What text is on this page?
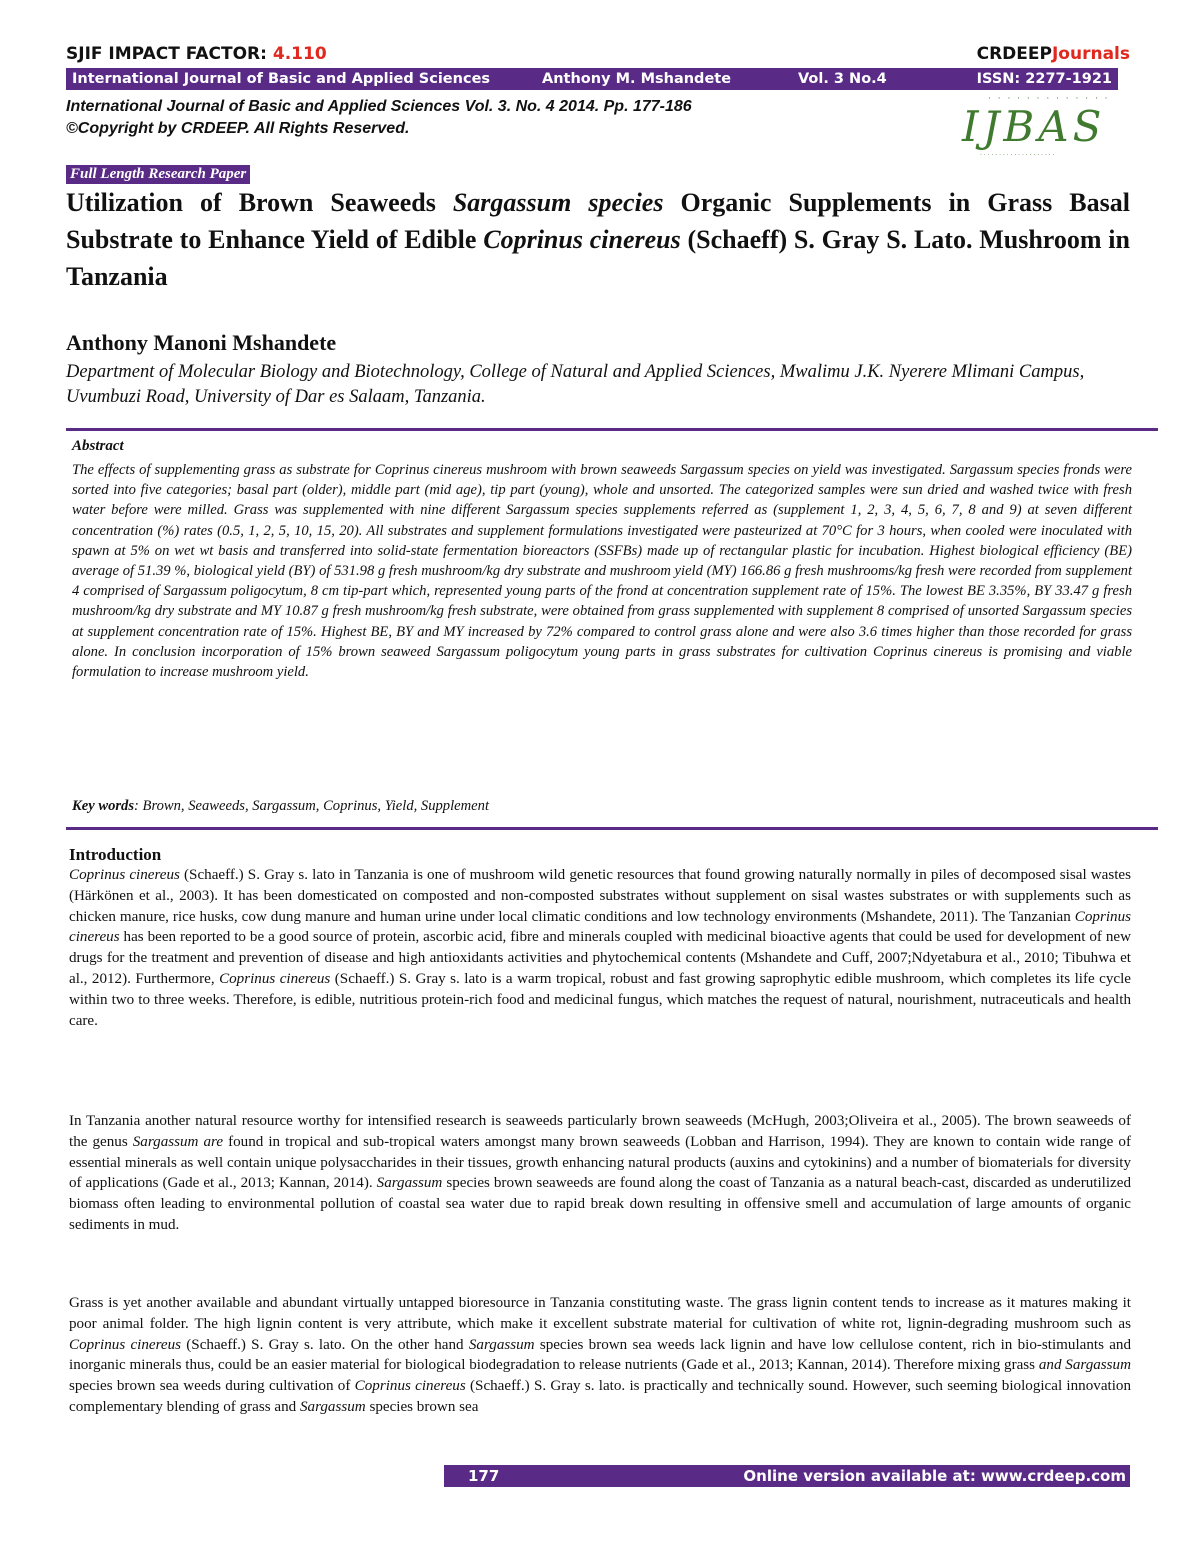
SJIF IMPACT FACTOR: 4.110	CRDEEPJournals
International Journal of Basic and Applied Sciences	Anthony M. Mshandete	Vol. 3 No.4	ISSN: 2277-1921
International Journal of Basic and Applied Sciences Vol. 3. No. 4 2014. Pp. 177-186
©Copyright by CRDEEP. All Rights Reserved.
· · · · · · · · · · · · ·
IJBAS
· · · · · · · · · · · · · · · · · · · ·
Full Length Research Paper
Utilization of Brown Seaweeds Sargassum species Organic Supplements in Grass Basal Substrate to Enhance Yield of Edible Coprinus cinereus (Schaeff) S. Gray S. Lato. Mushroom in Tanzania
Anthony Manoni Mshandete
Department of Molecular Biology and Biotechnology, College of Natural and Applied Sciences, Mwalimu J.K. Nyerere Mlimani Campus, Uvumbuzi Road, University of Dar es Salaam, Tanzania.
Abstract
The effects of supplementing grass as substrate for Coprinus cinereus mushroom with brown seaweeds Sargassum species on yield was investigated. Sargassum species fronds were sorted into five categories; basal part (older), middle part (mid age), tip part (young), whole and unsorted. The categorized samples were sun dried and washed twice with fresh water before were milled. Grass was supplemented with nine different Sargassum species supplements referred as (supplement 1, 2, 3, 4, 5, 6, 7, 8 and 9) at seven different concentration (%) rates (0.5, 1, 2, 5, 10, 15, 20). All substrates and supplement formulations investigated were pasteurized at 70°C for 3 hours, when cooled were inoculated with spawn at 5% on wet wt basis and transferred into solid-state fermentation bioreactors (SSFBs) made up of rectangular plastic for incubation. Highest biological efficiency (BE) average of 51.39 %, biological yield (BY) of 531.98 g fresh mushroom/kg dry substrate and mushroom yield (MY) 166.86 g fresh mushrooms/kg fresh were recorded from supplement 4 comprised of Sargassum poligocytum, 8 cm tip-part which, represented young parts of the frond at concentration supplement rate of 15%. The lowest BE 3.35%, BY 33.47 g fresh mushroom/kg dry substrate and MY 10.87 g fresh mushroom/kg fresh substrate, were obtained from grass supplemented with supplement 8 comprised of unsorted Sargassum species at supplement concentration rate of 15%. Highest BE, BY and MY increased by 72% compared to control grass alone and were also 3.6 times higher than those recorded for grass alone. In conclusion incorporation of 15% brown seaweed Sargassum poligocytum young parts in grass substrates for cultivation Coprinus cinereus is promising and viable formulation to increase mushroom yield.
Key words: Brown, Seaweeds, Sargassum, Coprinus, Yield, Supplement
Introduction
Coprinus cinereus (Schaeff.) S. Gray s. lato in Tanzania is one of mushroom wild genetic resources that found growing naturally normally in piles of decomposed sisal wastes (Härkönen et al., 2003). It has been domesticated on composted and non-composted substrates without supplement on sisal wastes substrates or with supplements such as chicken manure, rice husks, cow dung manure and human urine under local climatic conditions and low technology environments (Mshandete, 2011). The Tanzanian Coprinus cinereus has been reported to be a good source of protein, ascorbic acid, fibre and minerals coupled with medicinal bioactive agents that could be used for development of new drugs for the treatment and prevention of disease and high antioxidants activities and phytochemical contents (Mshandete and Cuff, 2007;Ndyetabura et al., 2010; Tibuhwa et al., 2012). Furthermore, Coprinus cinereus (Schaeff.) S. Gray s. lato is a warm tropical, robust and fast growing saprophytic edible mushroom, which completes its life cycle within two to three weeks. Therefore, is edible, nutritious protein-rich food and medicinal fungus, which matches the request of natural, nourishment, nutraceuticals and health care.
In Tanzania another natural resource worthy for intensified research is seaweeds particularly brown seaweeds (McHugh, 2003;Oliveira et al., 2005). The brown seaweeds of the genus Sargassum are found in tropical and sub-tropical waters amongst many brown seaweeds (Lobban and Harrison, 1994). They are known to contain wide range of essential minerals as well contain unique polysaccharides in their tissues, growth enhancing natural products (auxins and cytokinins) and a number of biomaterials for diversity of applications (Gade et al., 2013; Kannan, 2014). Sargassum species brown seaweeds are found along the coast of Tanzania as a natural beach-cast, discarded as underutilized biomass often leading to environmental pollution of coastal sea water due to rapid break down resulting in offensive smell and accumulation of large amounts of organic sediments in mud.
Grass is yet another available and abundant virtually untapped bioresource in Tanzania constituting waste. The grass lignin content tends to increase as it matures making it poor animal folder. The high lignin content is very attribute, which make it excellent substrate material for cultivation of white rot, lignin-degrading mushroom such as Coprinus cinereus (Schaeff.) S. Gray s. lato. On the other hand Sargassum species brown sea weeds lack lignin and have low cellulose content, rich in bio-stimulants and inorganic minerals thus, could be an easier material for biological biodegradation to release nutrients (Gade et al., 2013; Kannan, 2014). Therefore mixing grass and Sargassum species brown sea weeds during cultivation of Coprinus cinereus (Schaeff.) S. Gray s. lato. is practically and technically sound. However, such seeming biological innovation complementary blending of grass and Sargassum species brown sea
177	Online version available at: www.crdeep.com
